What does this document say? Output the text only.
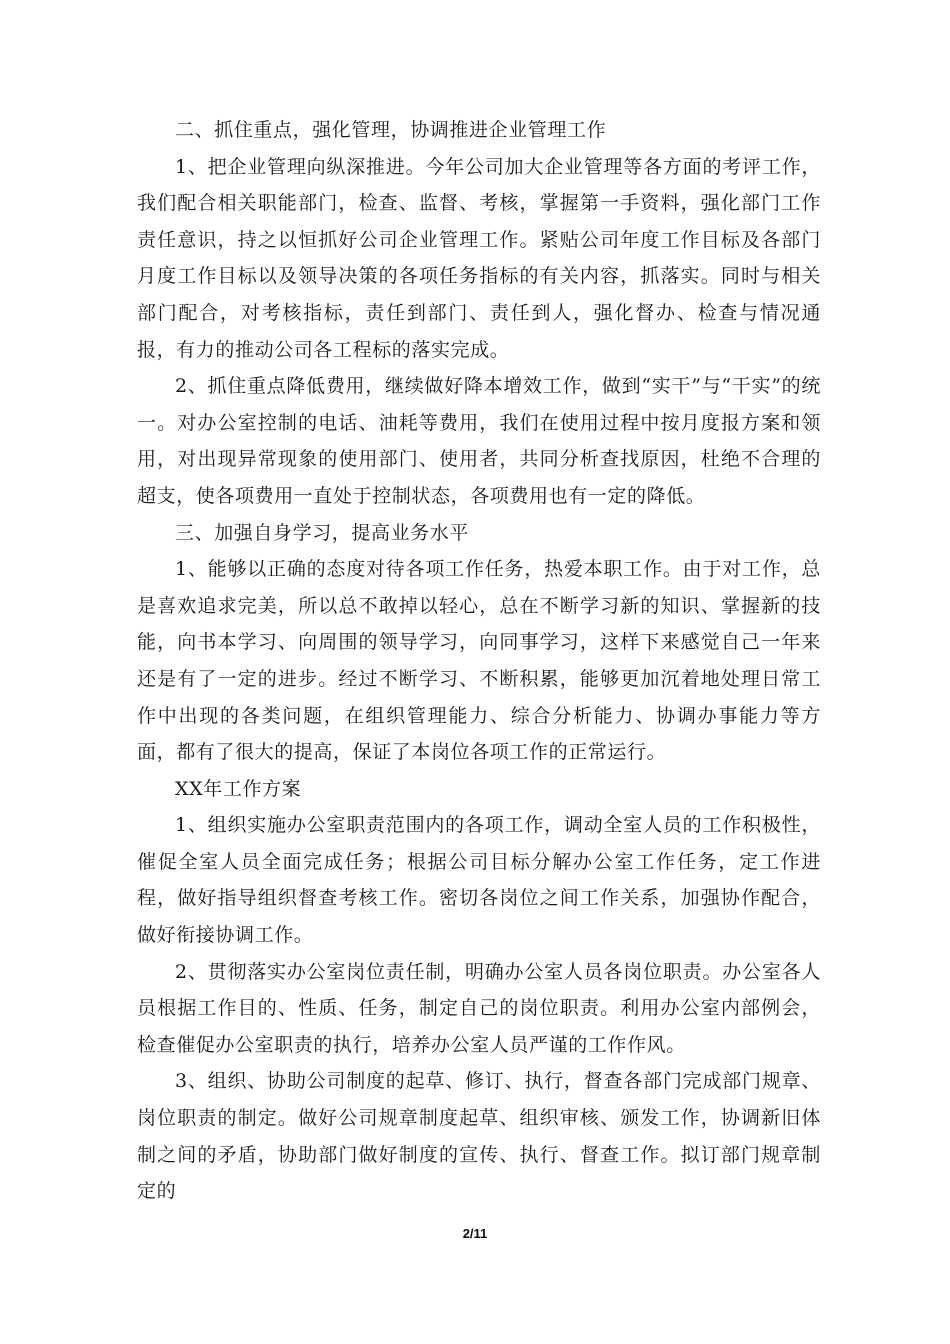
二、抓住重点，强化管理，协调推进企业管理工作

1、把企业管理向纵深推进。今年公司加大企业管理等各方面的考评工作，我们配合相关职能部门，检查、监督、考核，掌握第一手资料，强化部门工作责任意识，持之以恒抓好公司企业管理工作。紧贴公司年度工作目标及各部门月度工作目标以及领导决策的各项任务指标的有关内容，抓落实。同时与相关部门配合，对考核指标，责任到部门、责任到人，强化督办、检查与情况通报，有力的推动公司各工程标的落实完成。

2、抓住重点降低费用，继续做好降本增效工作，做到“实干”与“干实”的统一。对办公室控制的电话、油耗等费用，我们在使用过程中按月度报方案和领用，对出现异常现象的使用部门、使用者，共同分析查找原因，杜绝不合理的超支，使各项费用一直处于控制状态，各项费用也有一定的降低。

三、加强自身学习，提高业务水平

1、能够以正确的态度对待各项工作任务，热爱本职工作。由于对工作，总是喜欢追求完美，所以总不敢掉以轻心，总在不断学习新的知识、掌握新的技能，向书本学习、向周围的领导学习，向同事学习，这样下来感觉自己一年来还是有了一定的进步。经过不断学习、不断积累，能够更加沉着地处理日常工作中出现的各类问题，在组织管理能力、综合分析能力、协调办事能力等方面，都有了很大的提高，保证了本岗位各项工作的正常运行。

XX年工作方案

1、组织实施办公室职责范围内的各项工作，调动全室人员的工作积极性，催促全室人员全面完成任务；根据公司目标分解办公室工作任务，定工作进程，做好指导组织督查考核工作。密切各岗位之间工作关系，加强协作配合，做好衔接协调工作。

2、贯彻落实办公室岗位责任制，明确办公室人员各岗位职责。办公室各人员根据工作目的、性质、任务，制定自己的岗位职责。利用办公室内部例会，检查催促办公室职责的执行，培养办公室人员严谨的工作作风。

3、组织、协助公司制度的起草、修订、执行，督查各部门完成部门规章、岗位职责的制定。做好公司规章制度起草、组织审核、颁发工作，协调新旧体制之间的矛盾，协助部门做好制度的宣传、执行、督查工作。拟订部门规章制定的

2/11
